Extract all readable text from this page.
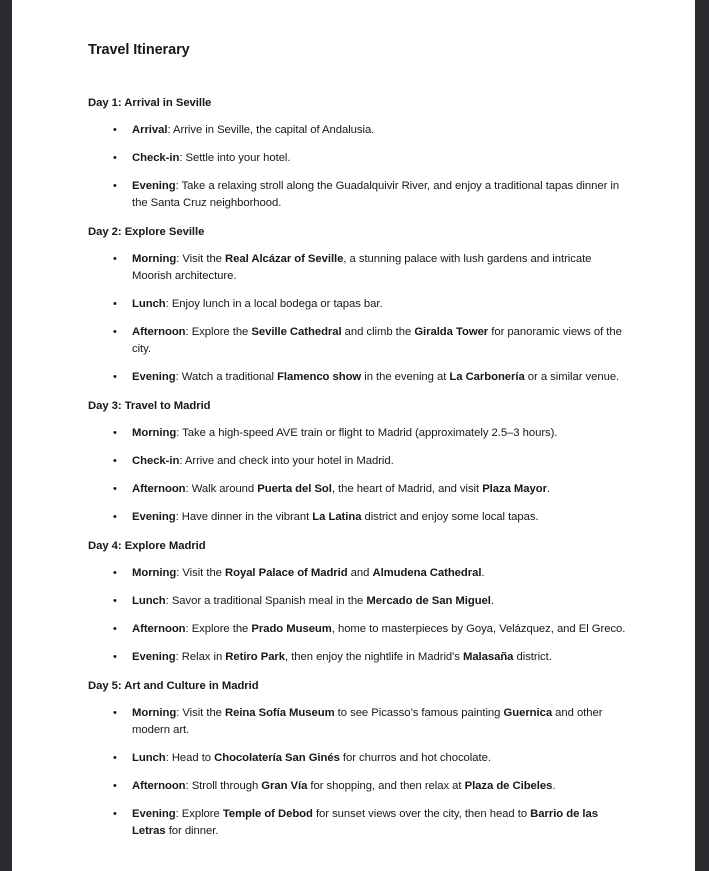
Travel Itinerary
Day 1: Arrival in Seville
• Arrival: Arrive in Seville, the capital of Andalusia.
• Check-in: Settle into your hotel.
• Evening: Take a relaxing stroll along the Guadalquivir River, and enjoy a traditional tapas dinner in the Santa Cruz neighborhood.
Day 2: Explore Seville
• Morning: Visit the Real Alcázar of Seville, a stunning palace with lush gardens and intricate Moorish architecture.
• Lunch: Enjoy lunch in a local bodega or tapas bar.
• Afternoon: Explore the Seville Cathedral and climb the Giralda Tower for panoramic views of the city.
• Evening: Watch a traditional Flamenco show in the evening at La Carbonería or a similar venue.
Day 3: Travel to Madrid
• Morning: Take a high-speed AVE train or flight to Madrid (approximately 2.5–3 hours).
• Check-in: Arrive and check into your hotel in Madrid.
• Afternoon: Walk around Puerta del Sol, the heart of Madrid, and visit Plaza Mayor.
• Evening: Have dinner in the vibrant La Latina district and enjoy some local tapas.
Day 4: Explore Madrid
• Morning: Visit the Royal Palace of Madrid and Almudena Cathedral.
• Lunch: Savor a traditional Spanish meal in the Mercado de San Miguel.
• Afternoon: Explore the Prado Museum, home to masterpieces by Goya, Velázquez, and El Greco.
• Evening: Relax in Retiro Park, then enjoy the nightlife in Madrid's Malasaña district.
Day 5: Art and Culture in Madrid
• Morning: Visit the Reina Sofía Museum to see Picasso’s famous painting Guernica and other modern art.
• Lunch: Head to Chocolatería San Ginés for churros and hot chocolate.
• Afternoon: Stroll through Gran Vía for shopping, and then relax at Plaza de Cibeles.
• Evening: Explore Temple of Debod for sunset views over the city, then head to Barrio de las Letras for dinner.
